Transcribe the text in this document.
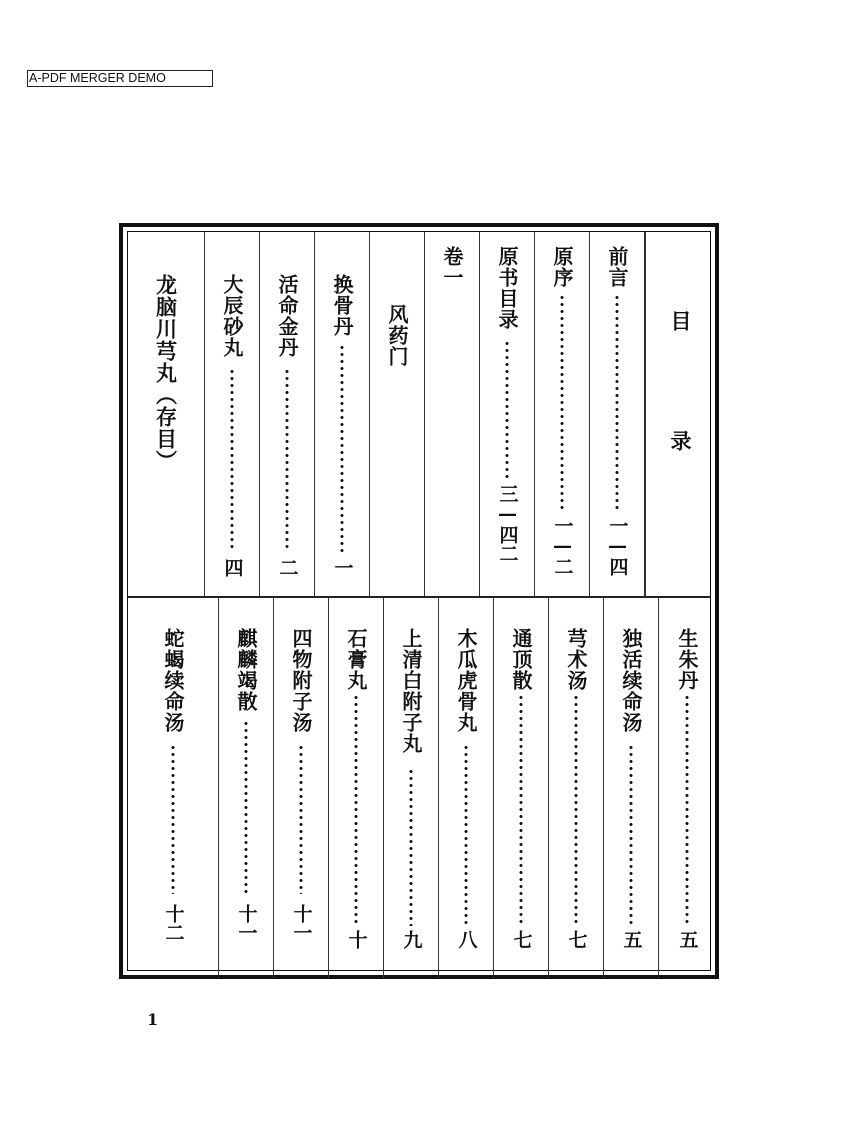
A-PDF MERGER DEMO
目
录
前言
一—四
原序
一—二
原书目录
三—四二
卷一
风药门
换骨丹
一
活命金丹
二
大辰砂丸
四
龙脑川芎丸（存目）
生朱丹
五
独活续命汤
五
芎术汤
七
通顶散
七
木瓜虎骨丸
八
上清白附子丸
九
石膏丸
十
四物附子汤
十一
麒麟竭散
十一
蛇蝎续命汤
十二
1
